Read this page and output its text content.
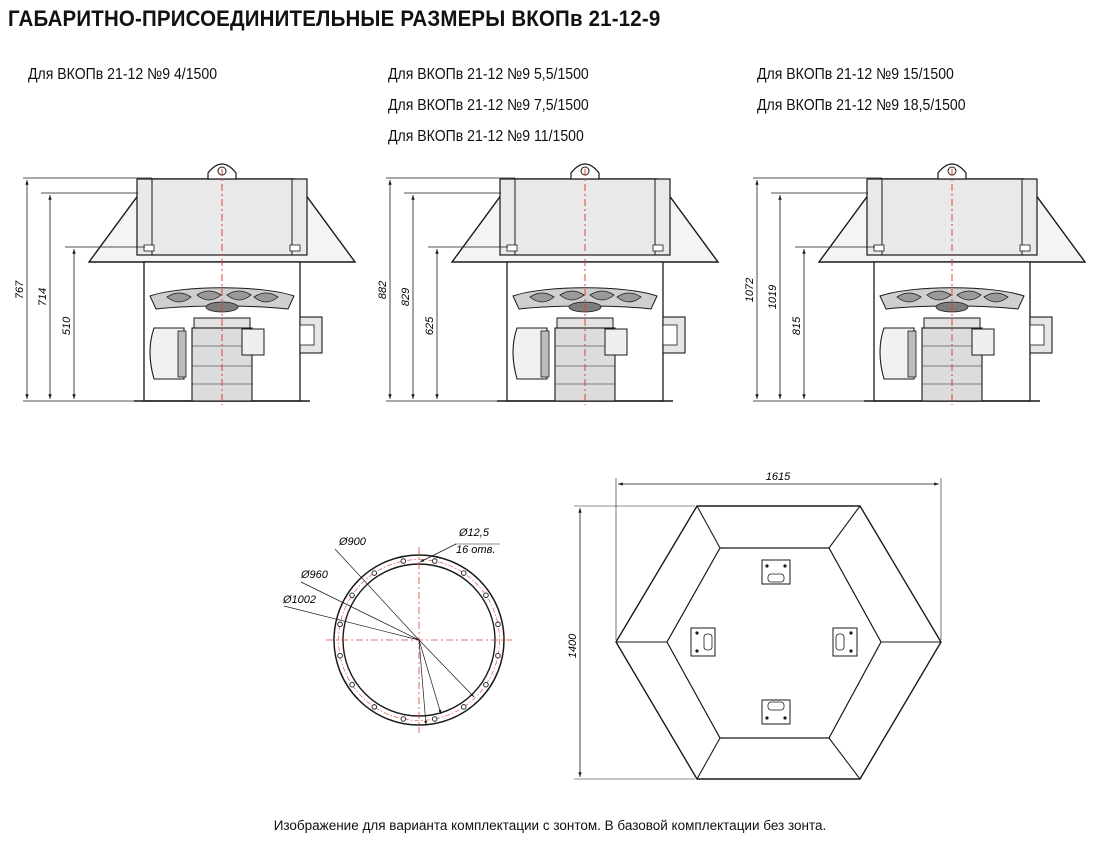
ГАБАРИТНО-ПРИСОЕДИНИТЕЛЬНЫЕ РАЗМЕРЫ ВКОПв 21-12-9
Для ВКОПв 21-12 №9 4/1500	Для ВКОПв 21-12 №9 5,5/1500
Для ВКОПв 21-12 №9 7,5/1500
Для ВКОПв 21-12 №9 11/1500
Для ВКОПв 21-12 №9 15/1500
Для ВКОПв 21-12 №9 18,5/1500
767 714
510
882 829
625
1072 1019
815
Ø900
Ø960
Ø1002
Ø12,5
16 отв.
1615
1400
Изображение для варианта комплектации с зонтом. В базовой комплектации без зонта.
